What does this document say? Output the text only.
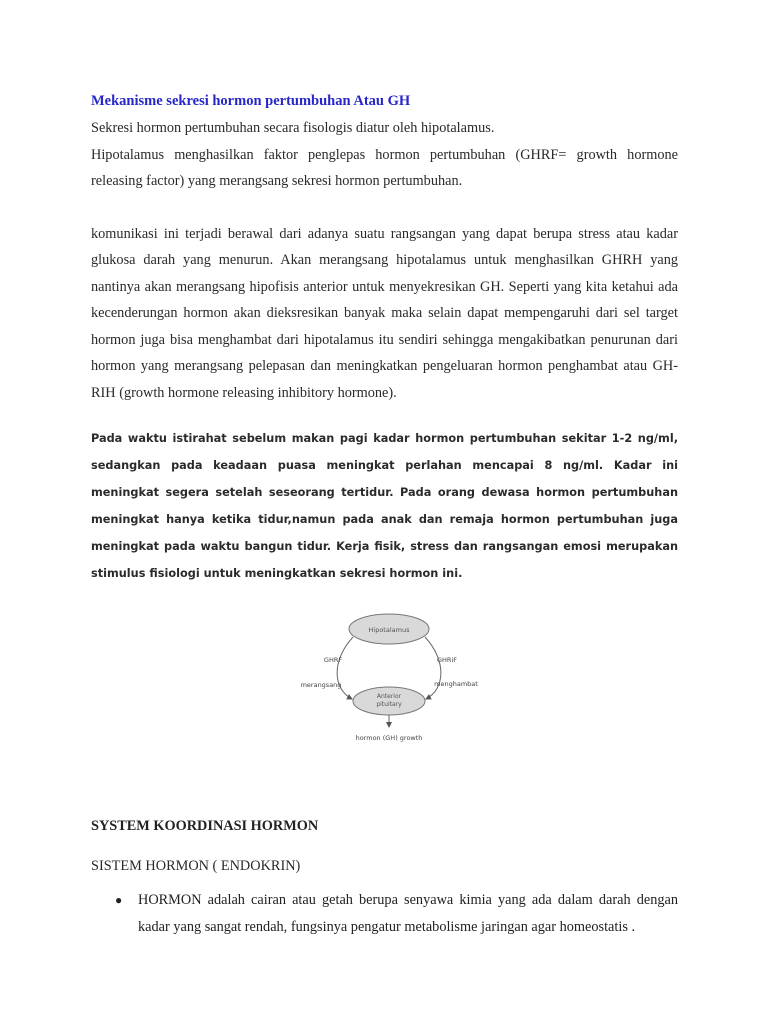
Mekanisme sekresi hormon pertumbuhan Atau GH

Sekresi hormon pertumbuhan secara fisologis diatur oleh hipotalamus.

Hipotalamus menghasilkan faktor penglepas hormon pertumbuhan (GHRF= growth hormone releasing factor) yang merangsang sekresi hormon pertumbuhan.

komunikasi ini terjadi berawal dari adanya suatu rangsangan yang dapat berupa stress atau kadar glukosa darah yang menurun. Akan merangsang hipotalamus untuk menghasilkan GHRH yang nantinya akan merangsang hipofisis anterior untuk menyekresikan GH. Seperti yang kita ketahui ada kecenderungan hormon akan dieksresikan banyak maka selain dapat mempengaruhi dari sel target hormon juga bisa menghambat dari hipotalamus itu sendiri sehingga mengakibatkan penurunan dari hormon yang merangsang pelepasan dan meningkatkan pengeluaran hormon penghambat atau GH-RIH (growth hormone releasing inhibitory hormone).

Pada waktu istirahat sebelum makan pagi kadar hormon pertumbuhan sekitar 1-2 ng/ml, sedangkan pada keadaan puasa meningkat perlahan mencapai 8 ng/ml. Kadar ini meningkat segera setelah seseorang tertidur. Pada orang dewasa hormon pertumbuhan meningkat hanya ketika tidur,namun pada anak dan remaja hormon pertumbuhan juga meningkat pada waktu bangun tidur. Kerja fisik, stress dan rangsangan emosi merupakan stimulus fisiologi untuk meningkatkan sekresi hormon ini.

Hipotalamus
Anterior
pituitary
GHRF	GHRiF
merangsang	menghambat
hormon (GH) growth

SYSTEM KOORDINASI HORMON

SISTEM HORMON ( ENDOKRIN)

● HORMON adalah cairan atau getah berupa senyawa kimia yang ada dalam darah dengan kadar yang sangat rendah, fungsinya pengatur metabolisme jaringan agar homeostatis .
